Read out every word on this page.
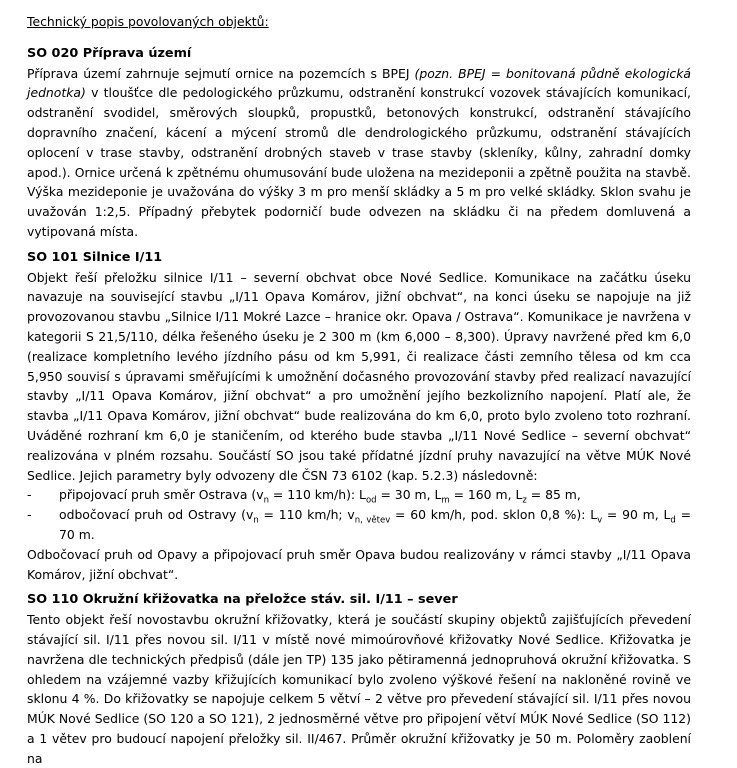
Technický popis povolovaných objektů:
SO 020 Příprava území

Příprava území zahrnuje sejmutí ornice na pozemcích s BPEJ (pozn. BPEJ = bonitovaná půdně ekologická jednotka) v tloušťce dle pedologického průzkumu, odstranění konstrukcí vozovek stávajících komunikací, odstranění svodidel, směrových sloupků, propustků, betonových konstrukcí, odstranění stávajícího dopravního značení, kácení a mýcení stromů dle dendrologického průzkumu, odstranění stávajících oplocení v trase stavby, odstranění drobných staveb v trase stavby (skleníky, kůlny, zahradní domky apod.). Ornice určená k zpětnému ohumusování bude uložena na mezideponii a zpětně použita na stavbě. Výška mezideponie je uvažována do výšky 3 m pro menší skládky a 5 m pro velké skládky. Sklon svahu je uvažován 1:2,5. Případný přebytek podorničí bude odvezen na skládku či na předem domluvená a vytipovaná místa.

SO 101 Silnice I/11

Objekt řeší přeložku silnice I/11 – severní obchvat obce Nové Sedlice. Komunikace na začátku úseku navazuje na související stavbu „I/11 Opava Komárov, jižní obchvat“, na konci úseku se napojuje na již provozovanou stavbu „Silnice I/11 Mokré Lazce – hranice okr. Opava / Ostrava“. Komunikace je navržena v kategorii S 21,5/110, délka řešeného úseku je 2 300 m (km 6,000 – 8,300). Úpravy navržené před km 6,0 (realizace kompletního levého jízdního pásu od km 5,991, či realizace části zemního tělesa od km cca 5,950 souvisí s úpravami směřujícími k umožnění dočasného provozování stavby před realizací navazující stavby „I/11 Opava Komárov, jižní obchvat“ a pro umožnění jejího bezkolizního napojení. Platí ale, že stavba „I/11 Opava Komárov, jižní obchvat“ bude realizována do km 6,0, proto bylo zvoleno toto rozhraní. Uváděné rozhraní km 6,0 je staničením, od kterého bude stavba „I/11 Nové Sedlice – severní obchvat“ realizována v plném rozsahu. Součástí SO jsou také přídatné jízdní pruhy navazující na větve MÚK Nové Sedlice. Jejich parametry byly odvozeny dle ČSN 73 6102 (kap. 5.2.3) následovně:

- připojovací pruh směr Ostrava ($v_n = 110$ km/h): $L_{od} = 30$ m, $L_m = 160$ m, $L_z = 85$ m,
- odbočovací pruh od Ostravy ($v_n = 110$ km/h; $v_{n, větev} = 60$ km/h, pod. sklon 0,8 %): $L_v = 90$ m, $L_d = 70$ m.

Odbočovací pruh od Opavy a připojovací pruh směr Opava budou realizovány v rámci stavby „I/11 Opava Komárov, jižní obchvat“.

SO 110 Okružní křižovatka na přeložce stáv. sil. I/11 – sever

Tento objekt řeší novostavbu okružní křižovatky, která je součástí skupiny objektů zajišťujících převedení stávající sil. I/11 přes novou sil. I/11 v místě nové mimoúrovňové křižovatky Nové Sedlice. Křižovatka je navržena dle technických předpisů (dále jen TP) 135 jako pětiramenná jednopruhová okružní křižovatka. S ohledem na vzájemné vazby křižujících komunikací bylo zvoleno výškové řešení na nakloněné rovině ve sklonu 4 %. Do křižovatky se napojuje celkem 5 větví – 2 větve pro převedení stávající sil. I/11 přes novou MÚK Nové Sedlice (SO 120 a SO 121), 2 jednosměrné větve pro připojení větví MÚK Nové Sedlice (SO 112) a 1 větev pro budoucí napojení přeložky sil. II/467. Průměr okružní křižovatky je 50 m. Poloměry zaoblení na
